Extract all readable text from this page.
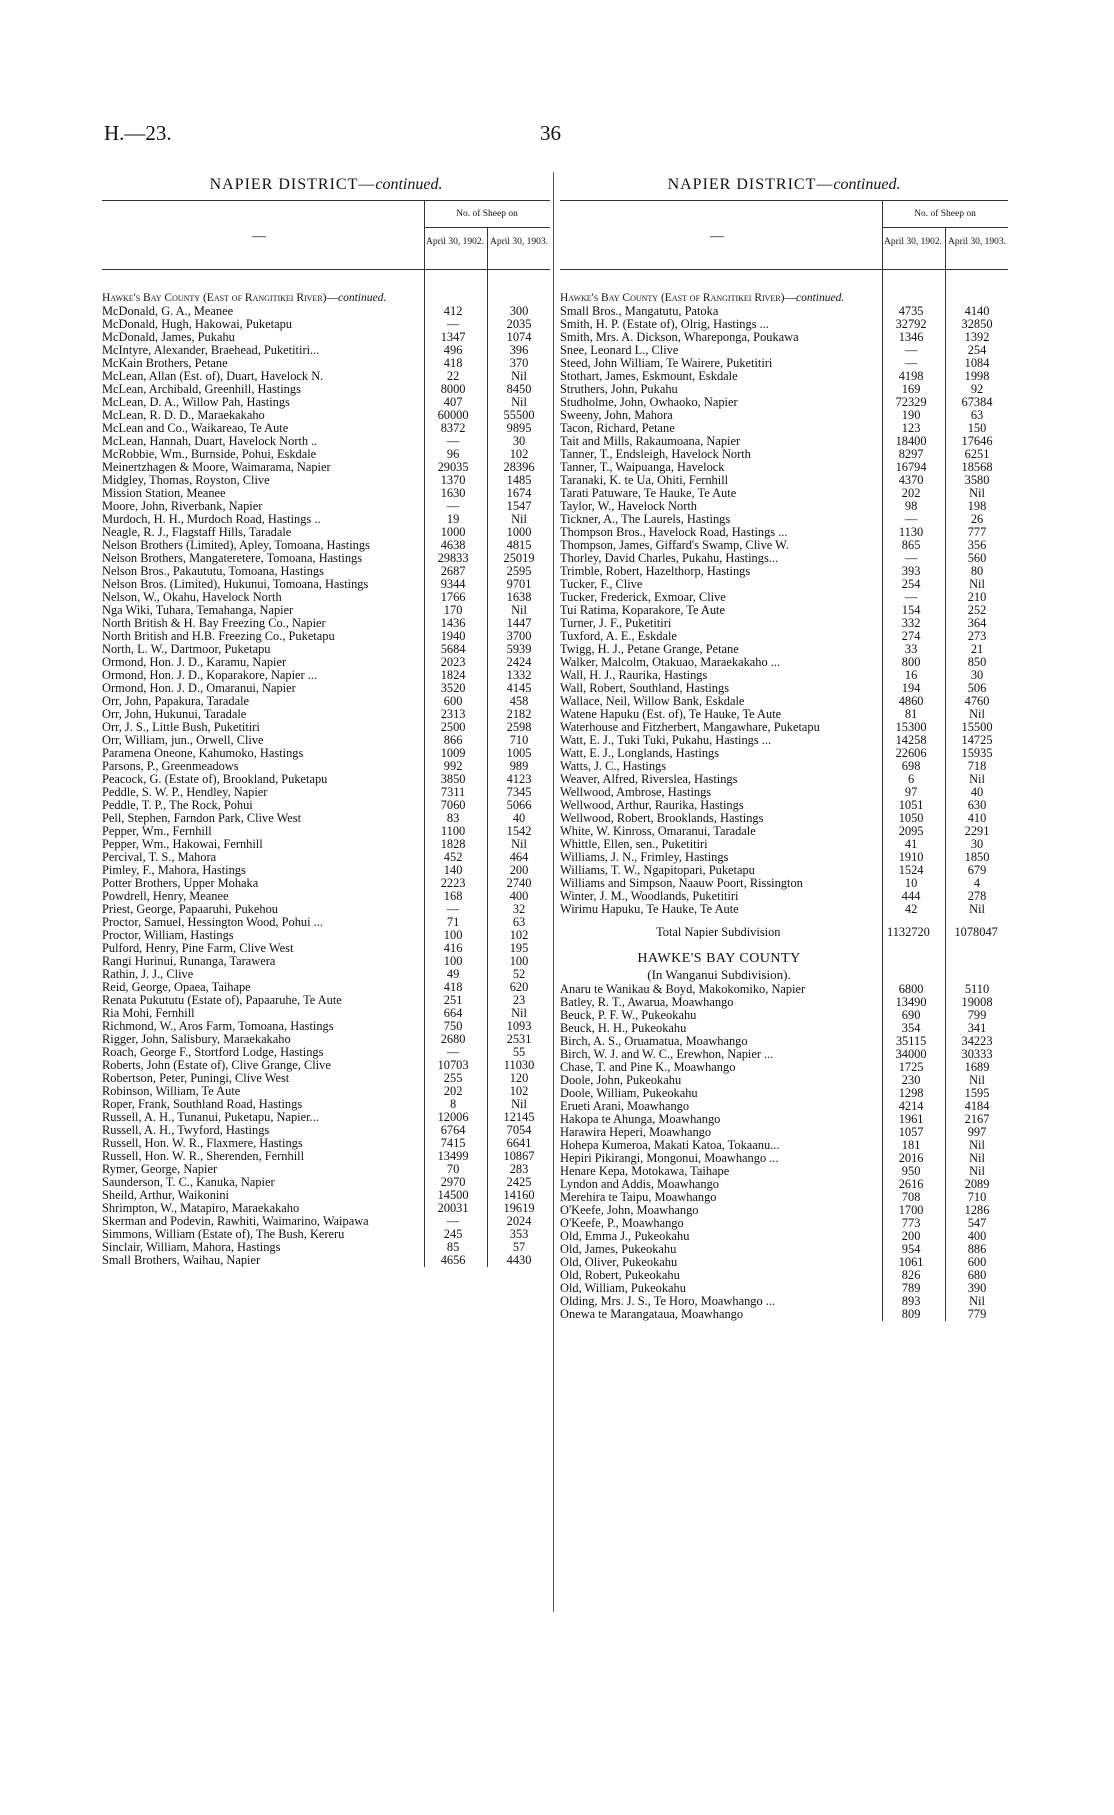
H.—23.	36
NAPIER DISTRICT—continued.
—
No. of Sheep on
April 30, 1902. April 30, 1903.
Hawke's Bay County (East of Rangitikei River)—continued.
McDonald, G. A., Meanee	412	300
McDonald, Hugh, Hakowai, Puketapu	—	2035
McDonald, James, Pukahu	1347	1074
McIntyre, Alexander, Braehead, Puketitiri...	496	396
McKain Brothers, Petane	418	370
McLean, Allan (Est. of), Duart, Havelock N.	22	Nil
McLean, Archibald, Greenhill, Hastings	8000	8450
McLean, D. A., Willow Pah, Hastings	407	Nil
McLean, R. D. D., Maraekakaho	60000	55500
McLean and Co., Waikareao, Te Aute	8372	9895
McLean, Hannah, Duart, Havelock North ..	—	30
McRobbie, Wm., Burnside, Pohui, Eskdale	96	102
Meinertzhagen & Moore, Waimarama, Napier	29035	28396
Midgley, Thomas, Royston, Clive	1370	1485
Mission Station, Meanee	1630	1674
Moore, John, Riverbank, Napier	—	1547
Murdoch, H. H., Murdoch Road, Hastings ..	19	Nil
Neagle, R. J., Flagstaff Hills, Taradale	1000	1000
Nelson Brothers (Limited), Apley, Tomoana, Hastings	4638	4815
Nelson Brothers, Mangateretere, Tomoana, Hastings	29833	25019
Nelson Bros., Pakaututu, Tomoana, Hastings	2687	2595
Nelson Bros. (Limited), Hukunui, Tomoana, Hastings	9344	9701
Nelson, W., Okahu, Havelock North	1766	1638
Nga Wiki, Tuhara, Temahanga, Napier	170	Nil
North British & H. Bay Freezing Co., Napier	1436	1447
North British and H.B. Freezing Co., Puketapu	1940	3700
North, L. W., Dartmoor, Puketapu	5684	5939
Ormond, Hon. J. D., Karamu, Napier	2023	2424
Ormond, Hon. J. D., Koparakore, Napier ...	1824	1332
Ormond, Hon. J. D., Omaranui, Napier	3520	4145
Orr, John, Papakura, Taradale	600	458
Orr, John, Hukunui, Taradale	2313	2182
Orr, J. S., Little Bush, Puketitiri	2500	2598
Orr, William, jun., Orwell, Clive	866	710
Paramena Oneone, Kahumoko, Hastings	1009	1005
Parsons, P., Greenmeadows	992	989
Peacock, G. (Estate of), Brookland, Puketapu	3850	4123
Peddle, S. W. P., Hendley, Napier	7311	7345
Peddle, T. P., The Rock, Pohui	7060	5066
Pell, Stephen, Farndon Park, Clive West	83	40
Pepper, Wm., Fernhill	1100	1542
Pepper, Wm., Hakowai, Fernhill	1828	Nil
Percival, T. S., Mahora	452	464
Pimley, F., Mahora, Hastings	140	200
Potter Brothers, Upper Mohaka	2223	2740
Powdrell, Henry, Meanee	168	400
Priest, George, Papaaruhi, Pukehou	—	32
Proctor, Samuel, Hessington Wood, Pohui ...	71	63
Proctor, William, Hastings	100	102
Pulford, Henry, Pine Farm, Clive West	416	195
Rangi Hurinui, Runanga, Tarawera	100	100
Rathin, J. J., Clive	49	52
Reid, George, Opaea, Taihape	418	620
Renata Pukututu (Estate of), Papaaruhe, Te Aute	251	23
Ria Mohi, Fernhill	664	Nil
Richmond, W., Aros Farm, Tomoana, Hastings	750	1093
Rigger, John, Salisbury, Maraekakaho	2680	2531
Roach, George F., Stortford Lodge, Hastings	—	55
Roberts, John (Estate of), Clive Grange, Clive	10703	11030
Robertson, Peter, Puningi, Clive West	255	120
Robinson, William, Te Aute	202	102
Roper, Frank, Southland Road, Hastings	8	Nil
Russell, A. H., Tunanui, Puketapu, Napier...	12006	12145
Russell, A. H., Twyford, Hastings	6764	7054
Russell, Hon. W. R., Flaxmere, Hastings	7415	6641
Russell, Hon. W. R., Sherenden, Fernhill	13499	10867
Rymer, George, Napier	70	283
Saunderson, T. C., Kanuka, Napier	2970	2425
Sheild, Arthur, Waikonini	14500	14160
Shrimpton, W., Matapiro, Maraekakaho	20031	19619
Skerman and Podevin, Rawhiti, Waimarino, Waipawa	—	2024
Simmons, William (Estate of), The Bush, Kereru	245	353
Sinclair, William, Mahora, Hastings	85	57
Small Brothers, Waihau, Napier	4656	4430
NAPIER DISTRICT—continued.
—
No. of Sheep on
April 30, 1902. April 30, 1903.
Hawke's Bay County (East of Rangitikei River)—continued.
Small Bros., Mangatutu, Patoka	4735	4140
Smith, H. P. (Estate of), Olrig, Hastings ...	32792	32850
Smith, Mrs. A. Dickson, Whareponga, Poukawa	1346	1392
Snee, Leonard L., Clive	—	254
Steed, John William, Te Wairere, Puketitiri	—	1084
Stothart, James, Eskmount, Eskdale	4198	1998
Struthers, John, Pukahu	169	92
Studholme, John, Owhaoko, Napier	72329	67384
Sweeny, John, Mahora	190	63
Tacon, Richard, Petane	123	150
Tait and Mills, Rakaumoana, Napier	18400	17646
Tanner, T., Endsleigh, Havelock North	8297	6251
Tanner, T., Waipuanga, Havelock	16794	18568
Taranaki, K. te Ua, Ohiti, Fernhill	4370	3580
Tarati Patuware, Te Hauke, Te Aute	202	Nil
Taylor, W., Havelock North	98	198
Tickner, A., The Laurels, Hastings	—	26
Thompson Bros., Havelock Road, Hastings ...	1130	777
Thompson, James, Giffard's Swamp, Clive W.	865	356
Thorley, David Charles, Pukahu, Hastings...	—	560
Trimble, Robert, Hazelthorp, Hastings	393	80
Tucker, F., Clive	254	Nil
Tucker, Frederick, Exmoar, Clive	—	210
Tui Ratima, Koparakore, Te Aute	154	252
Turner, J. F., Puketitiri	332	364
Tuxford, A. E., Eskdale	274	273
Twigg, H. J., Petane Grange, Petane	33	21
Walker, Malcolm, Otakuao, Maraekakaho ...	800	850
Wall, H. J., Raurika, Hastings	16	30
Wall, Robert, Southland, Hastings	194	506
Wallace, Neil, Willow Bank, Eskdale	4860	4760
Watene Hapuku (Est. of), Te Hauke, Te Aute	81	Nil
Waterhouse and Fitzherbert, Mangawhare, Puketapu	15300	15500
Watt, E. J., Tuki Tuki, Pukahu, Hastings ...	14258	14725
Watt, E. J., Longlands, Hastings	22606	15935
Watts, J. C., Hastings	698	718
Weaver, Alfred, Riverslea, Hastings	6	Nil
Wellwood, Ambrose, Hastings	97	40
Wellwood, Arthur, Raurika, Hastings	1051	630
Wellwood, Robert, Brooklands, Hastings	1050	410
White, W. Kinross, Omaranui, Taradale	2095	2291
Whittle, Ellen, sen., Puketitiri	41	30
Williams, J. N., Frimley, Hastings	1910	1850
Williams, T. W., Ngapitopari, Puketapu	1524	679
Williams and Simpson, Naauw Poort, Rissington	10	4
Winter, J. M., Woodlands, Puketitiri	444	278
Wirimu Hapuku, Te Hauke, Te Aute	42	Nil
Total Napier Subdivision	1132720	1078047
HAWKE'S BAY COUNTY
(In Wanganui Subdivision).
Anaru te Wanikau & Boyd, Makokomiko, Napier	6800	5110
Batley, R. T., Awarua, Moawhango	13490	19008
Beuck, P. F. W., Pukeokahu	690	799
Beuck, H. H., Pukeokahu	354	341
Birch, A. S., Oruamatua, Moawhango	35115	34223
Birch, W. J. and W. C., Erewhon, Napier ...	34000	30333
Chase, T. and Pine K., Moawhango	1725	1689
Doole, John, Pukeokahu	230	Nil
Doole, William, Pukeokahu	1298	1595
Erueti Arani, Moawhango	4214	4184
Hakopa te Ahunga, Moawhango	1961	2167
Harawira Heperi, Moawhango	1057	997
Hohepa Kumeroa, Makati Katoa, Tokaanu...	181	Nil
Hepiri Pikirangi, Mongonui, Moawhango ...	2016	Nil
Henare Kepa, Motokawa, Taihape	950	Nil
Lyndon and Addis, Moawhango	2616	2089
Merehira te Taipu, Moawhango	708	710
O'Keefe, John, Moawhango	1700	1286
O'Keefe, P., Moawhango	773	547
Old, Emma J., Pukeokahu	200	400
Old, James, Pukeokahu	954	886
Old, Oliver, Pukeokahu	1061	600
Old, Robert, Pukeokahu	826	680
Old, William, Pukeokahu	789	390
Olding, Mrs. J. S., Te Horo, Moawhango ...	893	Nil
Onewa te Marangataua, Moawhango	809	779
